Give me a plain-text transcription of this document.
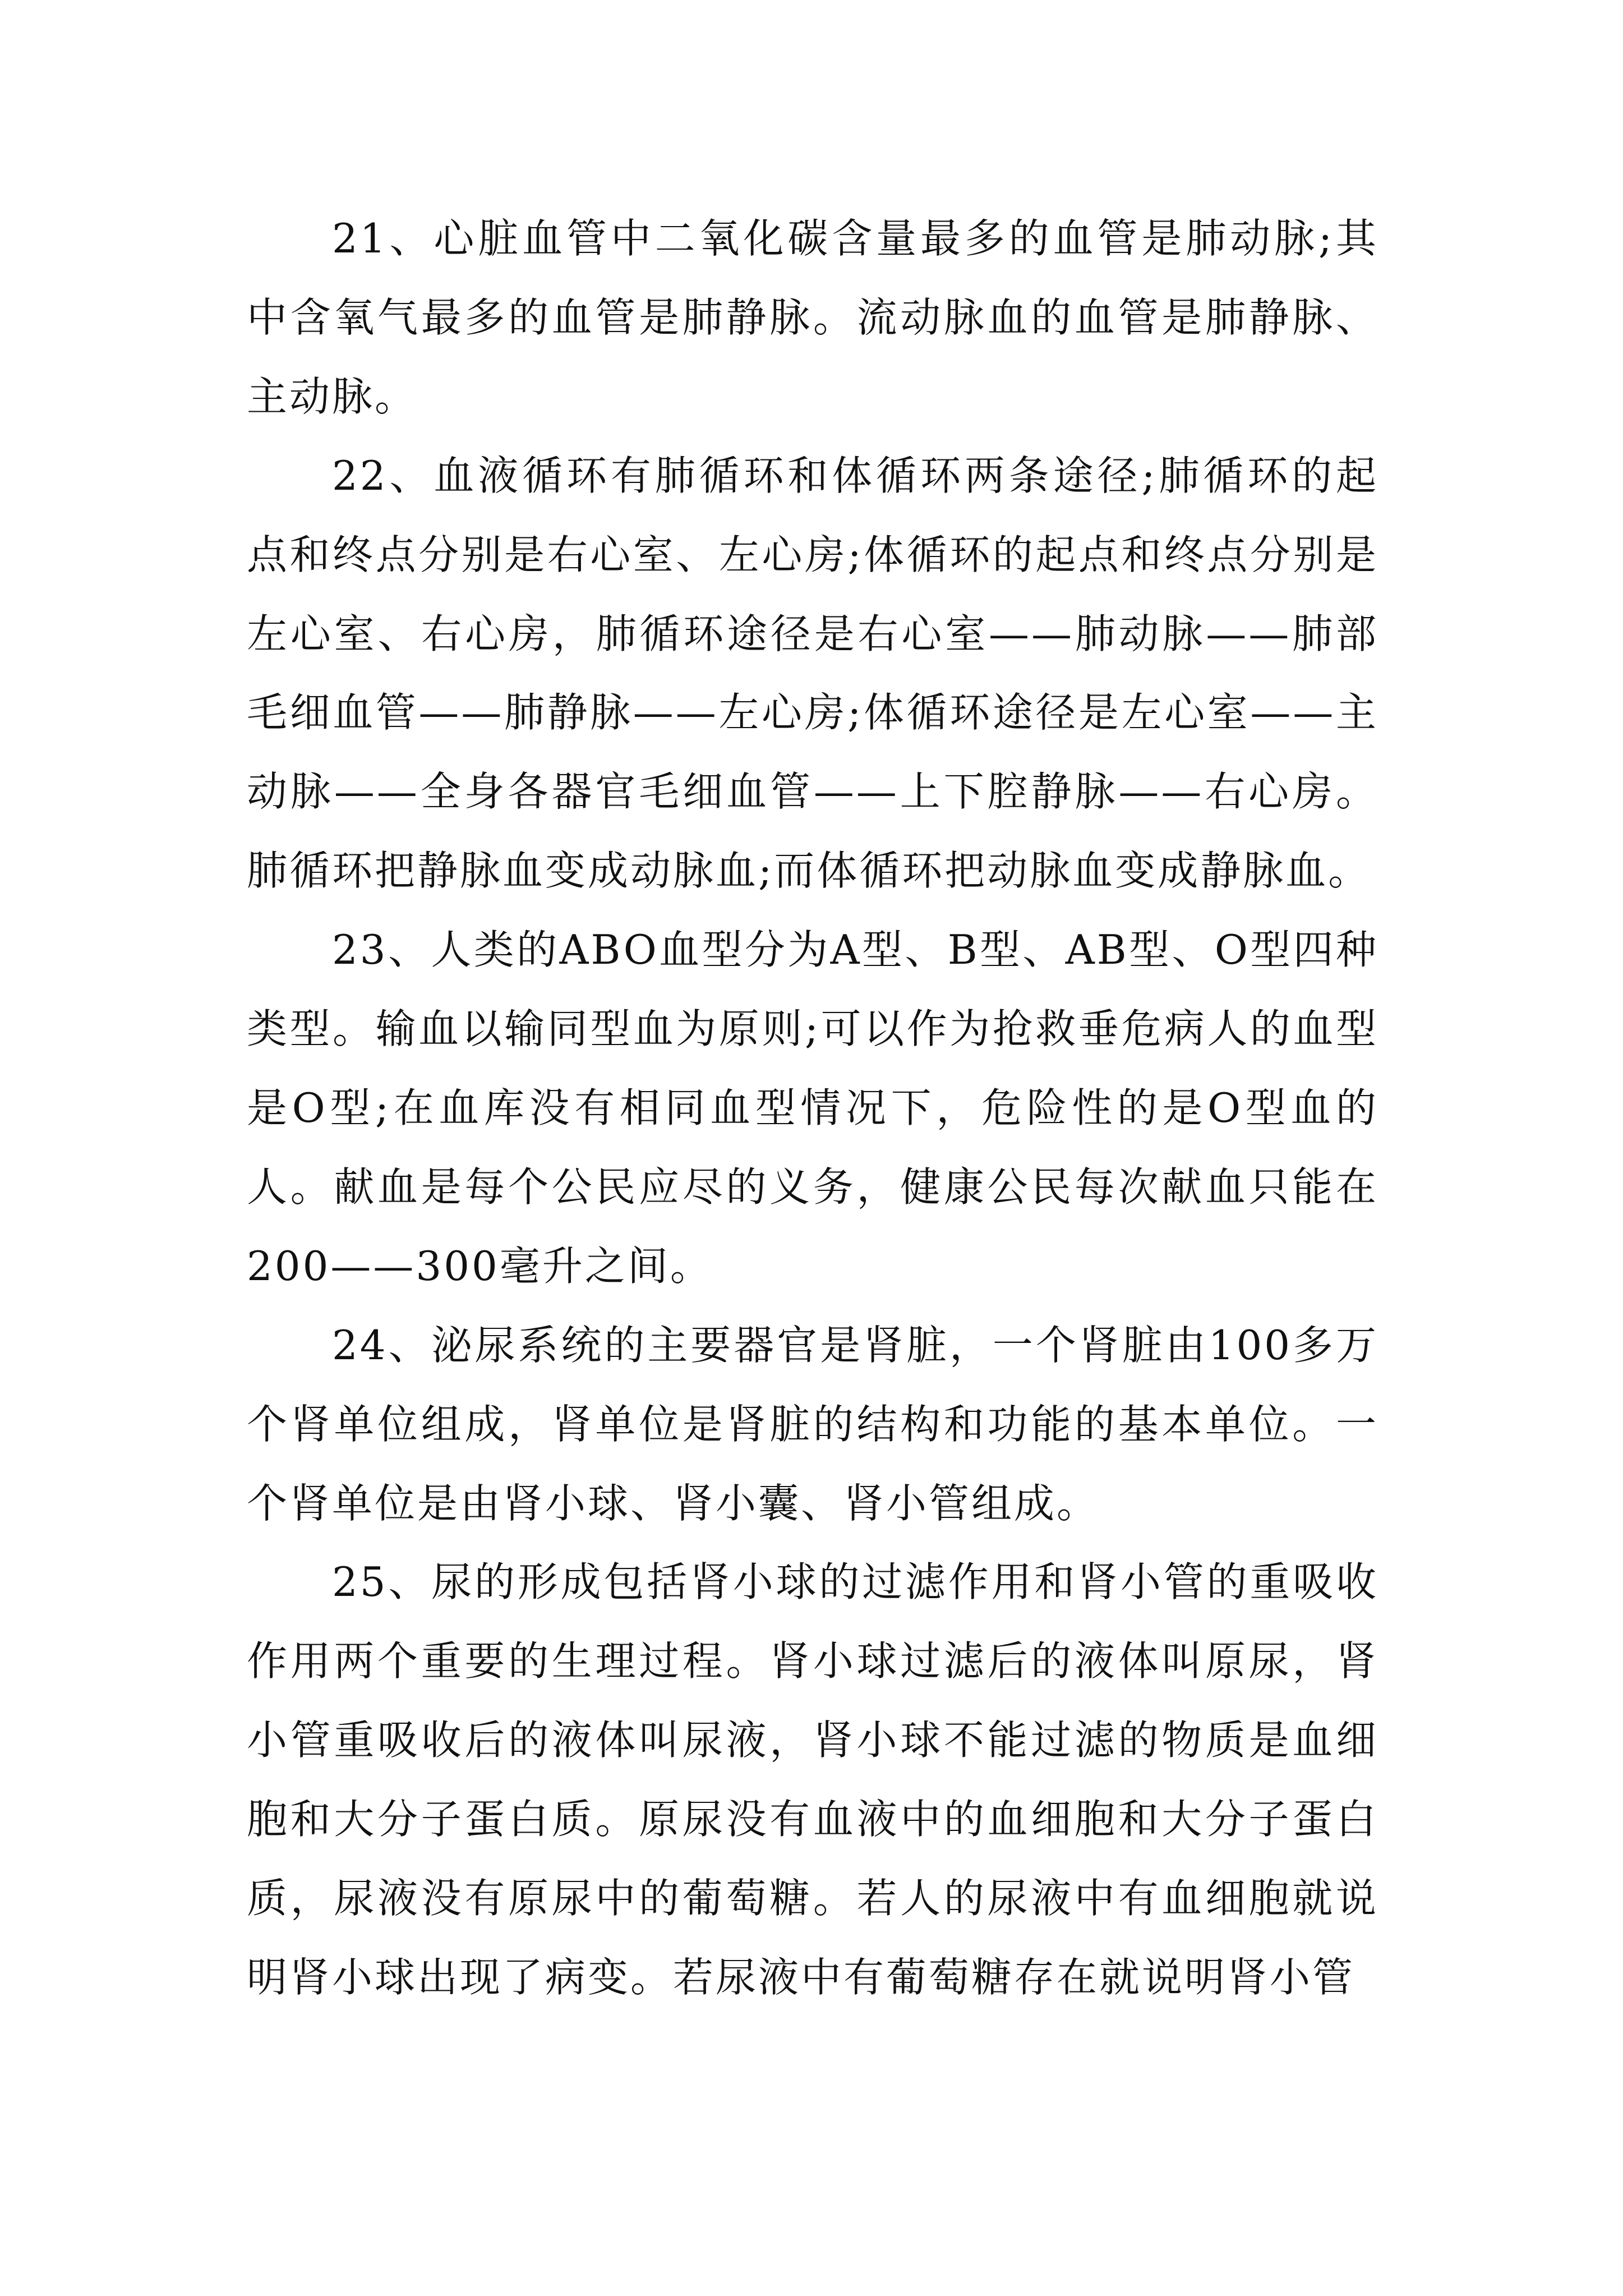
21、心脏血管中二氧化碳含量最多的血管是肺动脉;其中含氧气最多的血管是肺静脉。流动脉血的血管是肺静脉、主动脉。

22、血液循环有肺循环和体循环两条途径;肺循环的起点和终点分别是右心室、左心房;体循环的起点和终点分别是左心室、右心房，肺循环途径是右心室——肺动脉——肺部毛细血管——肺静脉——左心房;体循环途径是左心室——主动脉——全身各器官毛细血管——上下腔静脉——右心房。肺循环把静脉血变成动脉血;而体循环把动脉血变成静脉血。

23、人类的ABO血型分为A型、B型、AB型、O型四种类型。输血以输同型血为原则;可以作为抢救垂危病人的血型是O型;在血库没有相同血型情况下，危险性的是O型血的人。献血是每个公民应尽的义务，健康公民每次献血只能在200——300毫升之间。

24、泌尿系统的主要器官是肾脏，一个肾脏由100多万个肾单位组成，肾单位是肾脏的结构和功能的基本单位。一个肾单位是由肾小球、肾小囊、肾小管组成。

25、尿的形成包括肾小球的过滤作用和肾小管的重吸收作用两个重要的生理过程。肾小球过滤后的液体叫原尿，肾小管重吸收后的液体叫尿液，肾小球不能过滤的物质是血细胞和大分子蛋白质。原尿没有血液中的血细胞和大分子蛋白质，尿液没有原尿中的葡萄糖。若人的尿液中有血细胞就说明肾小球出现了病变。若尿液中有葡萄糖存在就说明肾小管
